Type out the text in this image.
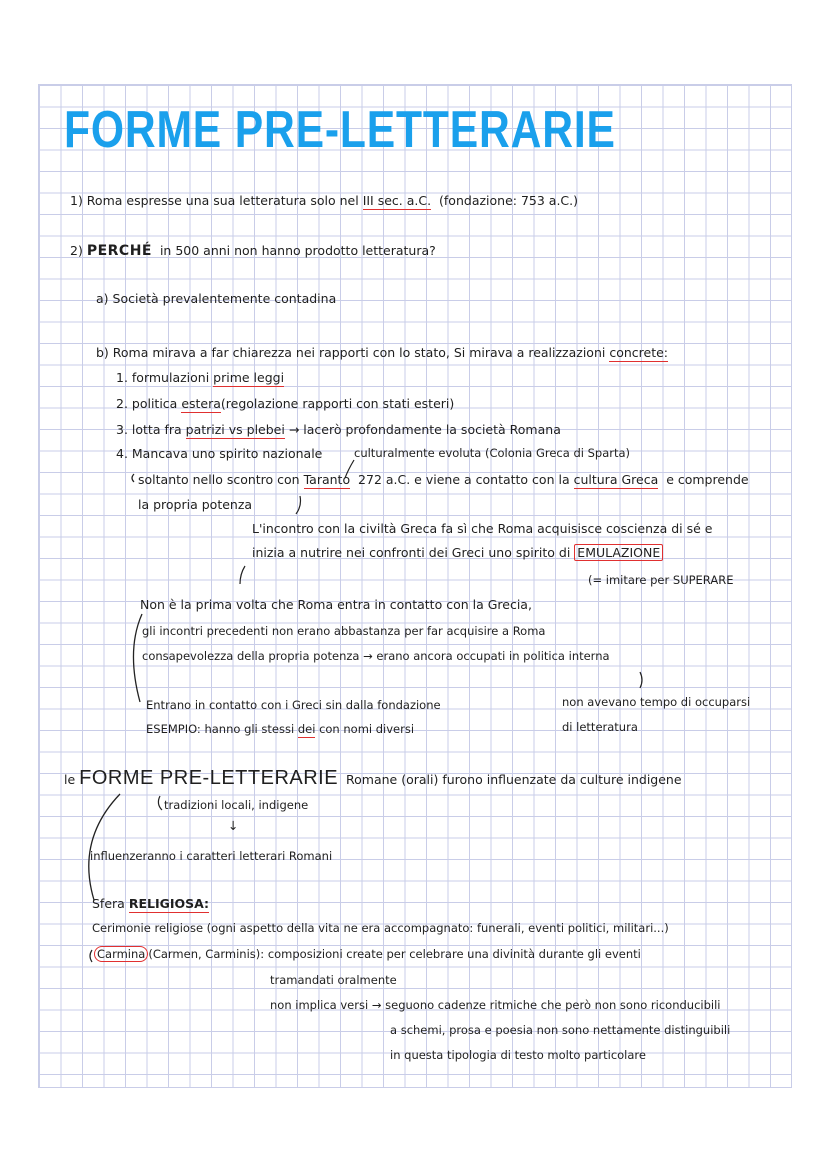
FORME PRE-LETTERARIE
1) Roma espresse una sua letteratura solo nel III sec. a.C. (fondazione: 753 a.C.)
2) PERCHÉ in 500 anni non hanno prodotto letteratura?
a) Società prevalentemente contadina
b) Roma mirava a far chiarezza nei rapporti con lo stato, Si mirava a realizzazioni concrete:
1. formulazioni prime leggi
2. politica estera(regolazione rapporti con stati esteri)
3. lotta fra patrizi vs plebei → lacerò profondamente la società Romana
4. Mancava uno spirito nazionale	culturalmente evoluta (Colonia Greca di Sparta)
soltanto nello scontro con Taranto 272 a.C. e viene a contatto con la cultura Greca e comprende
la propria potenza
L'incontro con la civiltà Greca fa sì che Roma acquisisce coscienza di sé e
inizia a nutrire nei confronti dei Greci uno spirito di EMULAZIONE
(= imitare per SUPERARE
Non è la prima volta che Roma entra in contatto con la Grecia,
gli incontri precedenti non erano abbastanza per far acquisire a Roma
consapevolezza della propria potenza → erano ancora occupati in politica interna
Entrano in contatto con i Greci sin dalla fondazione
ESEMPIO: hanno gli stessi dei con nomi diversi
non avevano tempo di occuparsi
di letteratura
le FORME PRE-LETTERARIE Romane (orali) furono influenzate da culture indigene
tradizioni locali, indigene
↓
influenzeranno i caratteri letterari Romani
Sfera RELIGIOSA:
Cerimonie religiose (ogni aspetto della vita ne era accompagnato: funerali, eventi politici, militari...)
Carmina (Carmen, Carminis): composizioni create per celebrare una divinità durante gli eventi
tramandati oralmente
non implica versi → seguono cadenze ritmiche che però non sono riconducibili
a schemi, prosa e poesia non sono nettamente distinguibili
in questa tipologia di testo molto particolare
